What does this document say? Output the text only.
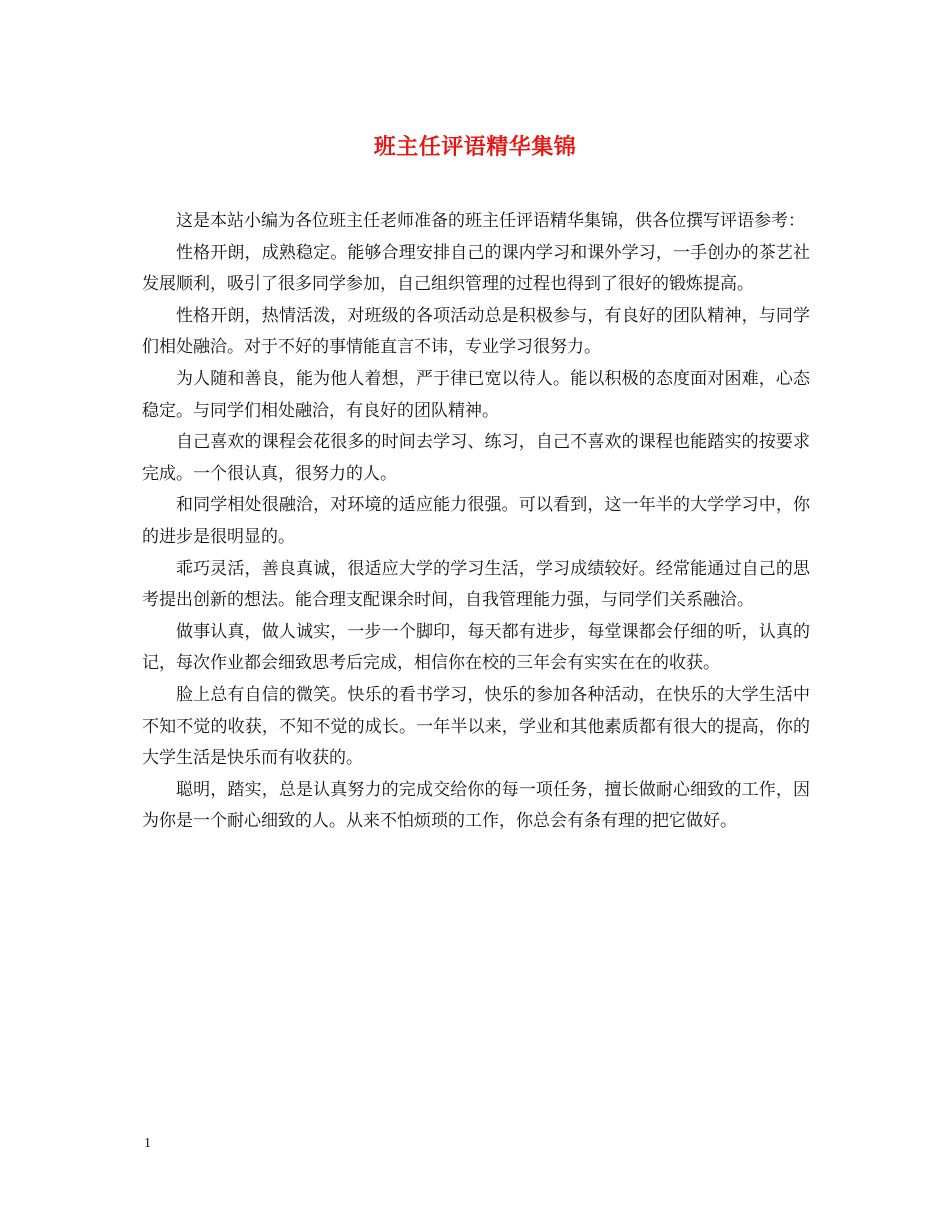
班主任评语精华集锦

这是本站小编为各位班主任老师准备的班主任评语精华集锦，供各位撰写评语参考：

性格开朗，成熟稳定。能够合理安排自己的课内学习和课外学习，一手创办的茶艺社发展顺利，吸引了很多同学参加，自己组织管理的过程也得到了很好的锻炼提高。

性格开朗，热情活泼，对班级的各项活动总是积极参与，有良好的团队精神，与同学们相处融洽。对于不好的事情能直言不讳，专业学习很努力。

为人随和善良，能为他人着想，严于律已宽以待人。能以积极的态度面对困难，心态稳定。与同学们相处融洽，有良好的团队精神。

自己喜欢的课程会花很多的时间去学习、练习，自己不喜欢的课程也能踏实的按要求完成。一个很认真，很努力的人。

和同学相处很融洽，对环境的适应能力很强。可以看到，这一年半的大学学习中，你的进步是很明显的。

乖巧灵活，善良真诚，很适应大学的学习生活，学习成绩较好。经常能通过自己的思考提出创新的想法。能合理支配课余时间，自我管理能力强，与同学们关系融洽。

做事认真，做人诚实，一步一个脚印，每天都有进步，每堂课都会仔细的听，认真的记，每次作业都会细致思考后完成，相信你在校的三年会有实实在在的收获。

脸上总有自信的微笑。快乐的看书学习，快乐的参加各种活动，在快乐的大学生活中不知不觉的收获，不知不觉的成长。一年半以来，学业和其他素质都有很大的提高，你的大学生活是快乐而有收获的。

聪明，踏实，总是认真努力的完成交给你的每一项任务，擅长做耐心细致的工作，因为你是一个耐心细致的人。从来不怕烦琐的工作，你总会有条有理的把它做好。

1
